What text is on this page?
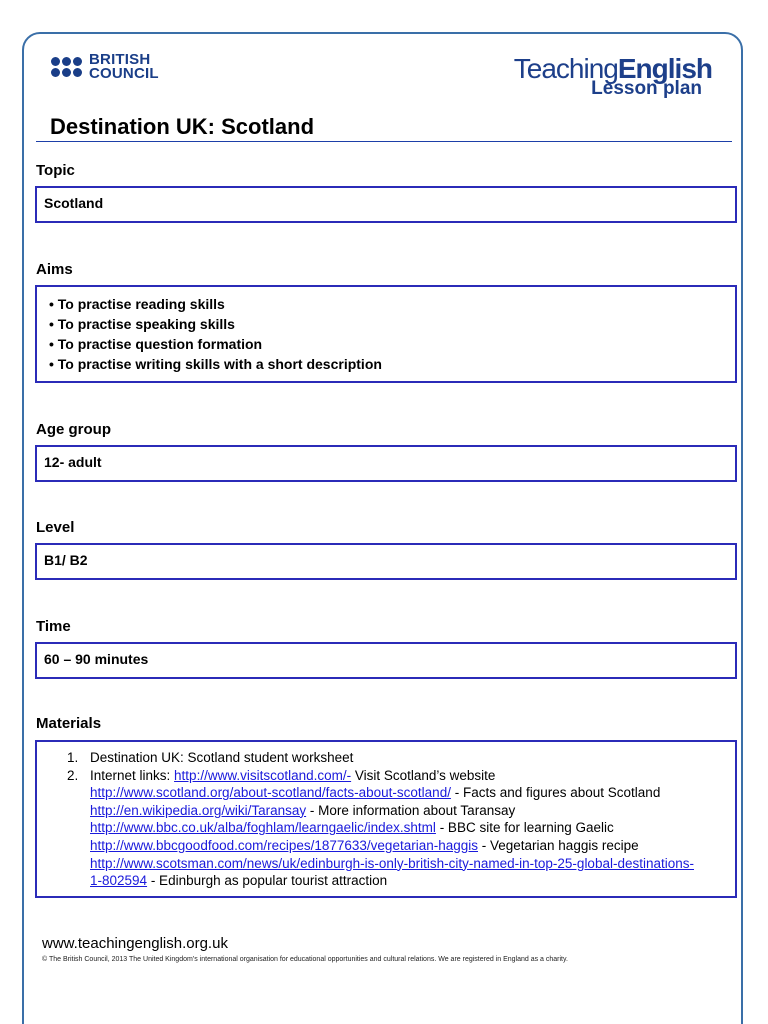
BRITISH
COUNCIL	TeachingEnglish
Lesson plan
Destination UK: Scotland
Topic
Scotland
Aims
• To practise reading skills
• To practise speaking skills
• To practise question formation
• To practise writing skills with a short description
Age group
12- adult
Level
B1/ B2
Time
60 – 90 minutes
Materials
1. Destination UK: Scotland student worksheet
2. Internet links: http://www.visitscotland.com/- Visit Scotland’s website
http://www.scotland.org/about-scotland/facts-about-scotland/ - Facts and figures about Scotland
http://en.wikipedia.org/wiki/Taransay - More information about Taransay
http://www.bbc.co.uk/alba/foghlam/learngaelic/index.shtml - BBC site for learning Gaelic
http://www.bbcgoodfood.com/recipes/1877633/vegetarian-haggis - Vegetarian haggis recipe
http://www.scotsman.com/news/uk/edinburgh-is-only-british-city-named-in-top-25-global-destinations-
1-802594 - Edinburgh as popular tourist attraction
www.teachingenglish.org.uk
© The British Council, 2013 The United Kingdom’s international organisation for educational opportunities and cultural relations. We are registered in England as a charity.
